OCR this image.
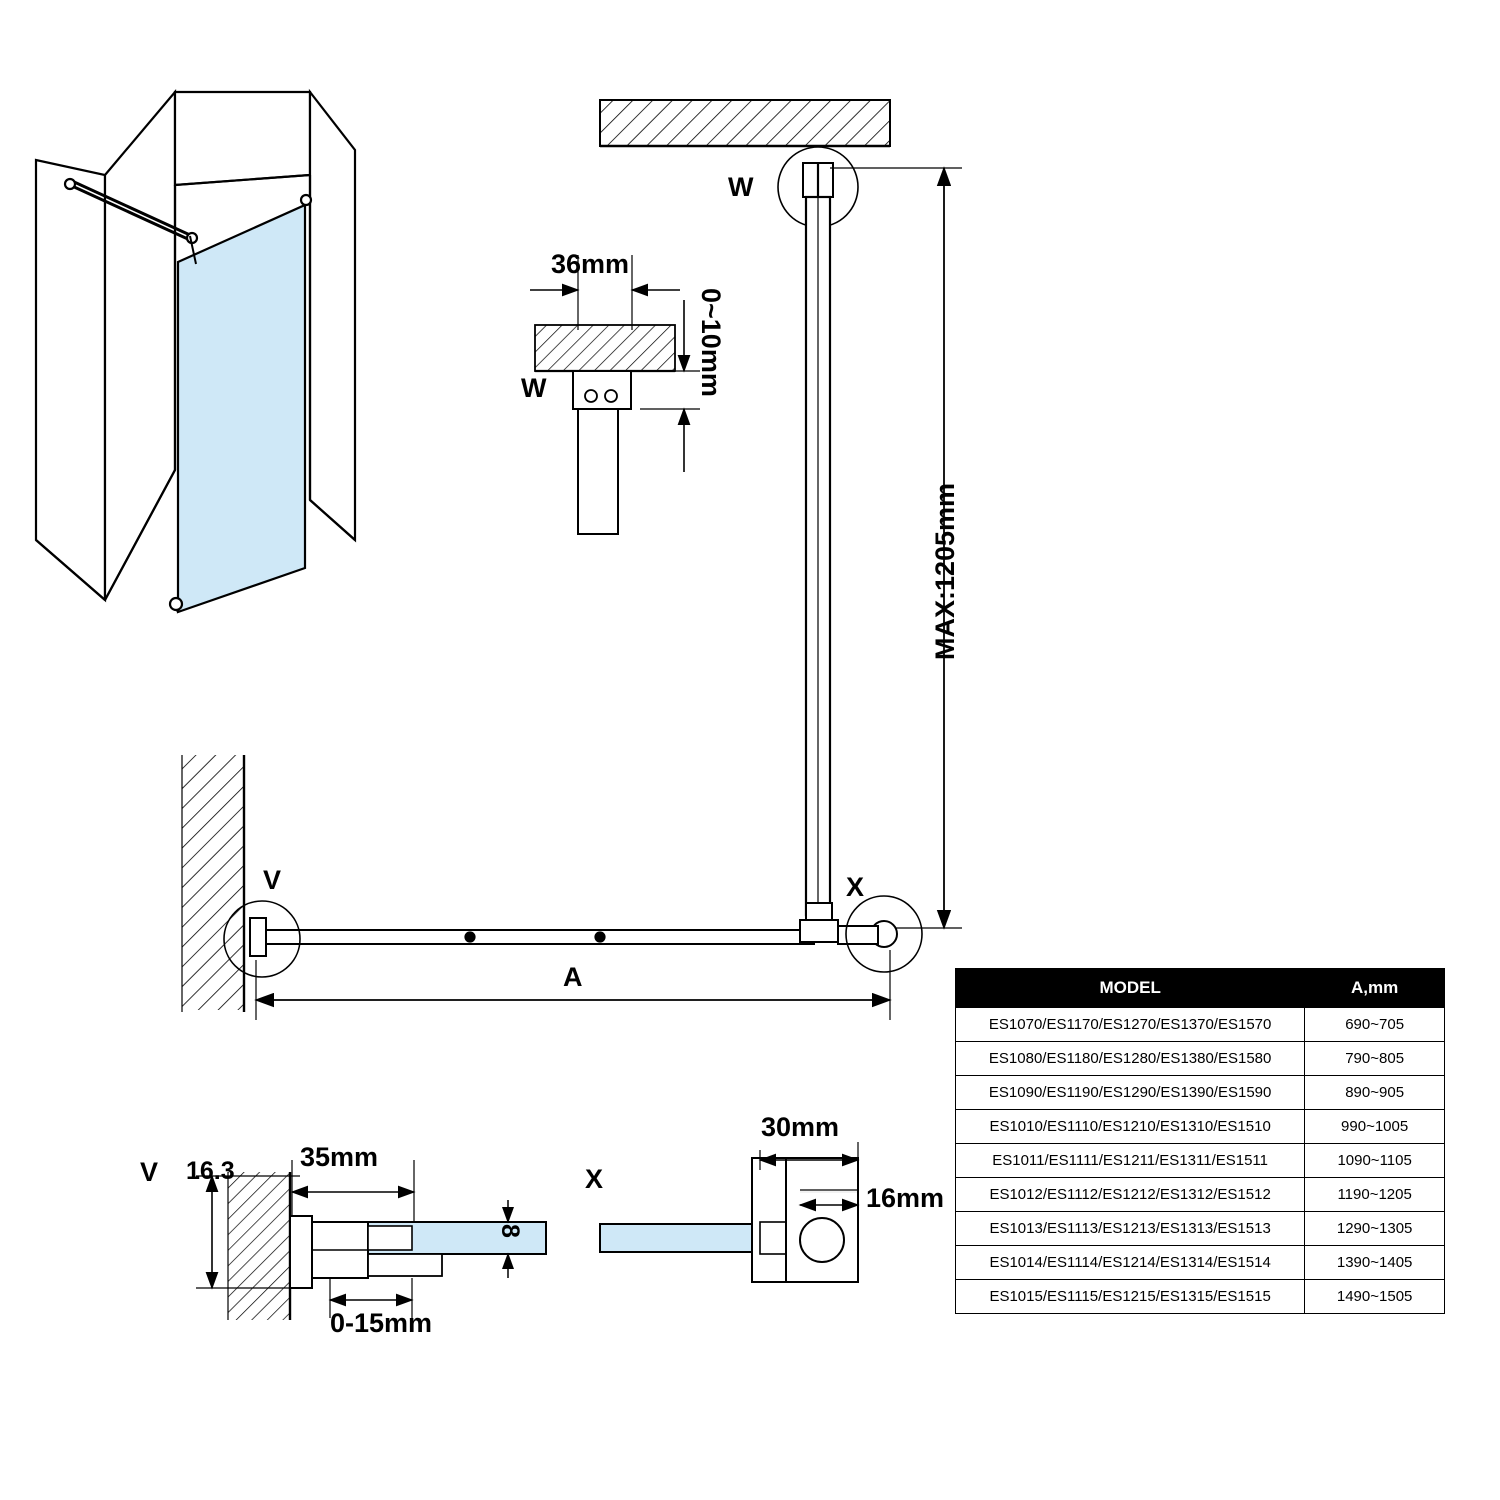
W
W
36mm
0~10mm
MAX:1205mm
V	X
A
V 16.3 35mm
8
0-15mm
X
30mm
16mm
MODEL	A,mm
ES1070/ES1170/ES1270/ES1370/ES1570	690~705
ES1080/ES1180/ES1280/ES1380/ES1580	790~805
ES1090/ES1190/ES1290/ES1390/ES1590	890~905
ES1010/ES1110/ES1210/ES1310/ES1510	990~1005
ES1011/ES1111/ES1211/ES1311/ES1511	1090~1105
ES1012/ES1112/ES1212/ES1312/ES1512	1190~1205
ES1013/ES1113/ES1213/ES1313/ES1513	1290~1305
ES1014/ES1114/ES1214/ES1314/ES1514	1390~1405
ES1015/ES1115/ES1215/ES1315/ES1515	1490~1505
